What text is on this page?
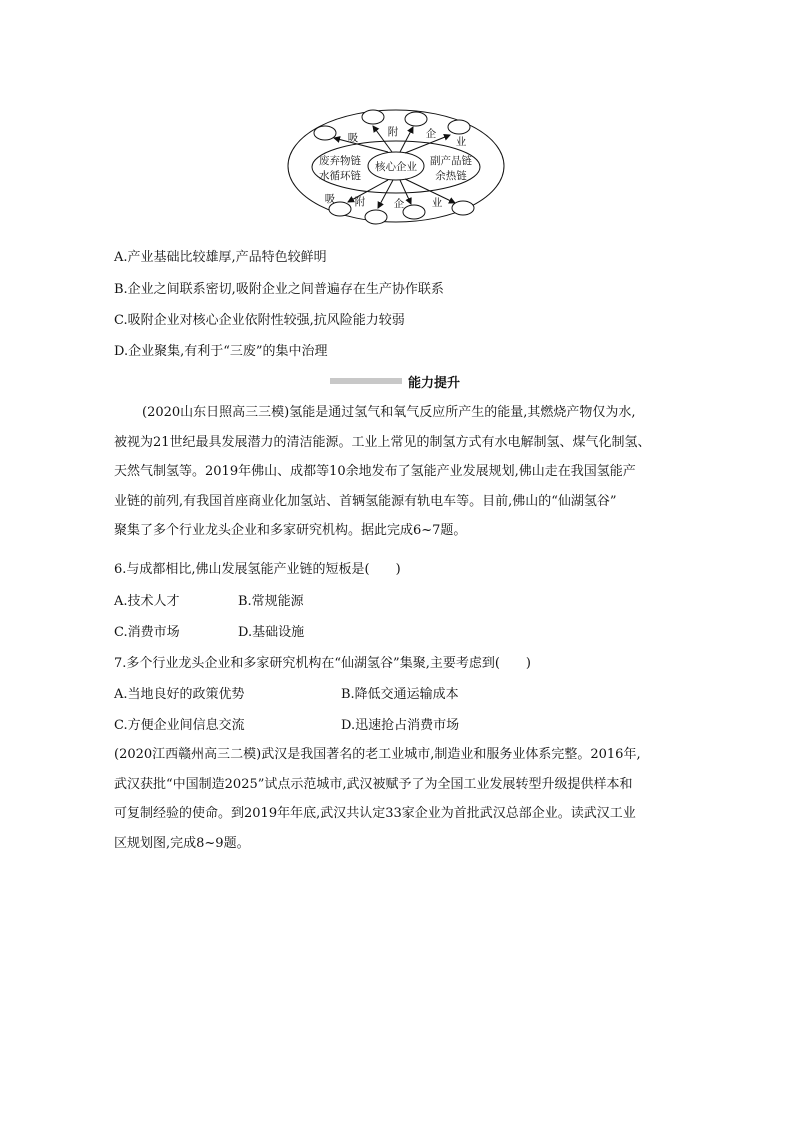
核心企业
废弃物链
水循环链
副产品链
余热链
吸	附	企
业
吸 附	企	业
A.产业基础比较雄厚,产品特色较鲜明
B.企业之间联系密切,吸附企业之间普遍存在生产协作联系
C.吸附企业对核心企业依附性较强,抗风险能力较弱
D.企业聚集,有利于“三废”的集中治理
能力提升

(2020山东日照高三三模)氢能是通过氢气和氧气反应所产生的能量,其燃烧产物仅为水,

被视为21世纪最具发展潜力的清洁能源。工业上常见的制氢方式有水电解制氢、煤气化制氢、

天然气制氢等。2019年佛山、成都等10余地发布了氢能产业发展规划,佛山走在我国氢能产

业链的前列,有我国首座商业化加氢站、首辆氢能源有轨电车等。目前,佛山的“仙湖氢谷”

聚集了多个行业龙头企业和多家研究机构。据此完成6~7题。

6.与成都相比,佛山发展氢能产业链的短板是(　　)
A.技术人才	B.常规能源
C.消费市场	D.基础设施
7.多个行业龙头企业和多家研究机构在“仙湖氢谷”集聚,主要考虑到(　　)
A.当地良好的政策优势	B.降低交通运输成本
C.方便企业间信息交流	D.迅速抢占消费市场

(2020江西赣州高三二模)武汉是我国著名的老工业城市,制造业和服务业体系完整。2016年,

武汉获批“中国制造2025”试点示范城市,武汉被赋予了为全国工业发展转型升级提供样本和

可复制经验的使命。到2019年年底,武汉共认定33家企业为首批武汉总部企业。读武汉工业

区规划图,完成8~9题。
